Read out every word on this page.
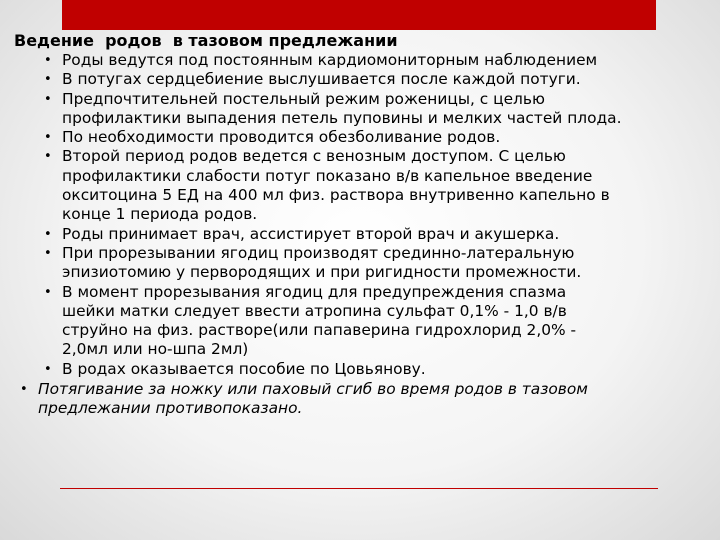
Ведение  родов  в тазовом предлежании
• Роды ведутся под постоянным кардиомониторным наблюдением
• В потугах сердцебиение выслушивается после каждой потуги.
• Предпочтительней постельный режим роженицы, с целью
профилактики выпадения петель пуповины и мелких частей плода.
• По необходимости проводится обезболивание родов.
• Второй период родов ведется с венозным доступом. С целью
профилактики слабости потуг показано в/в капельное введение
окситоцина 5 ЕД на 400 мл физ. раствора внутривенно капельно в
конце 1 периода родов.
• Роды принимает врач, ассистирует второй врач и акушерка.
• При прорезывании ягодиц производят срединно-латеральную
эпизиотомию у первородящих и при ригидности промежности.
• В момент прорезывания ягодиц для предупреждения спазма
шейки матки следует ввести атропина сульфат 0,1% - 1,0 в/в
струйно на физ. растворе(или папаверина гидрохлорид 2,0% -
2,0мл или но-шпа 2мл)
• В родах оказывается пособие по Цовьянову.
• Потягивание за ножку или паховый сгиб во время родов в тазовом
предлежании противопоказано.
